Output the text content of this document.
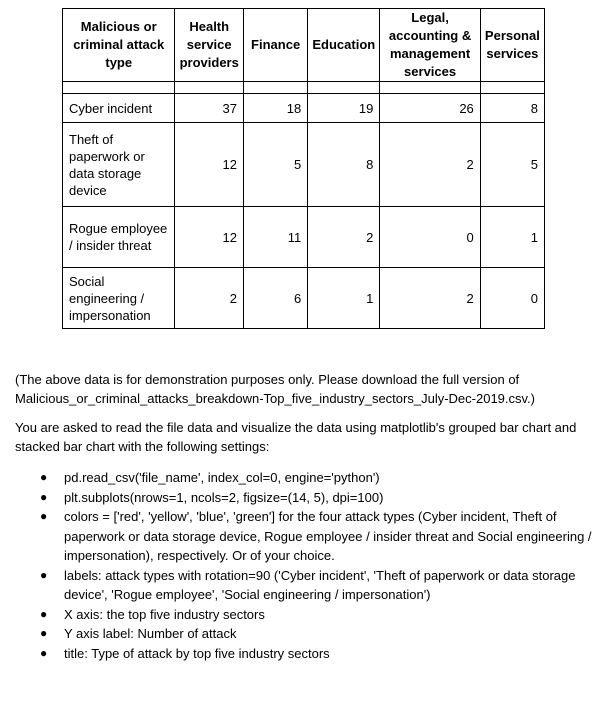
Malicious or criminal attack type	Health service providers	Finance	Education	Legal, accounting & management services	Personal services

Cyber incident	37	18	19	26	8
Theft of paperwork or data storage device	12	5	8	2	5
Rogue employee / insider threat	12	11	2	0	1
Social engineering / impersonation	2	6	1	2	0
(The above data is for demonstration purposes only. Please download the full version of Malicious_or_criminal_attacks_breakdown-Top_five_industry_sectors_July-Dec-2019.csv.)
You are asked to read the file data and visualize the data using matplotlib's grouped bar chart and stacked bar chart with the following settings:
● pd.read_csv('file_name', index_col=0, engine='python')
● plt.subplots(nrows=1, ncols=2, figsize=(14, 5), dpi=100)
● colors = ['red', 'yellow', 'blue', 'green'] for the four attack types (Cyber incident, Theft of paperwork or data storage device, Rogue employee / insider threat and Social engineering / impersonation), respectively. Or of your choice.
● labels: attack types with rotation=90 ('Cyber incident', 'Theft of paperwork or data storage device', 'Rogue employee', 'Social engineering / impersonation')
● X axis: the top five industry sectors
● Y axis label: Number of attack
● title: Type of attack by top five industry sectors
